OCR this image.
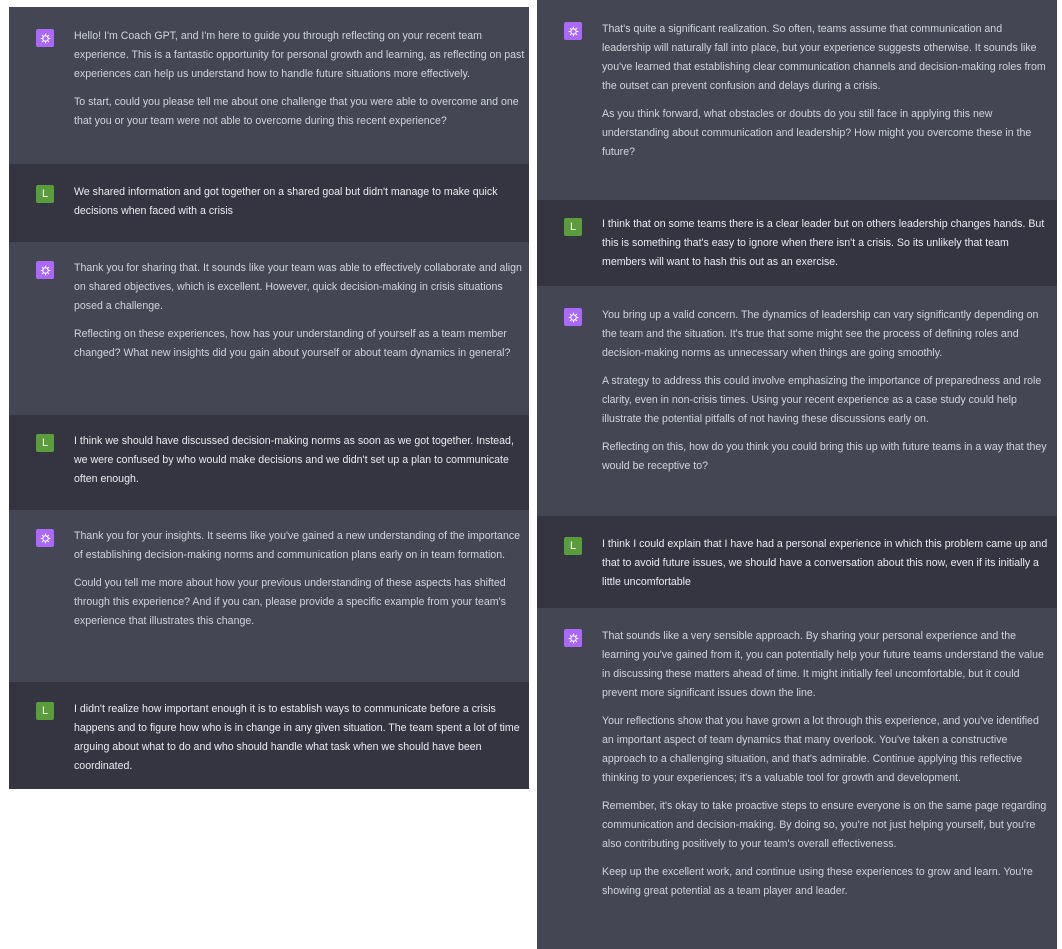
Hello! I'm Coach GPT, and I'm here to guide you through reflecting on your recent team experience. This is a fantastic opportunity for personal growth and learning, as reflecting on past experiences can help us understand how to handle future situations more effectively.

To start, could you please tell me about one challenge that you were able to overcome and one that you or your team were not able to overcome during this recent experience?

L	We shared information and got together on a shared goal but didn't manage to make quick decisions when faced with a crisis

Thank you for sharing that. It sounds like your team was able to effectively collaborate and align on shared objectives, which is excellent. However, quick decision-making in crisis situations posed a challenge.

Reflecting on these experiences, how has your understanding of yourself as a team member changed? What new insights did you gain about yourself or about team dynamics in general?

L	I think we should have discussed decision-making norms as soon as we got together. Instead, we were confused by who would make decisions and we didn't set up a plan to communicate often enough.

Thank you for your insights. It seems like you've gained a new understanding of the importance of establishing decision-making norms and communication plans early on in team formation.

Could you tell me more about how your previous understanding of these aspects has shifted through this experience? And if you can, please provide a specific example from your team's experience that illustrates this change.

L	I didn't realize how important enough it is to establish ways to communicate before a crisis happens and to figure how who is in change in any given situation. The team spent a lot of time arguing about what to do and who should handle what task when we should have been coordinated.

That's quite a significant realization. So often, teams assume that communication and leadership will naturally fall into place, but your experience suggests otherwise. It sounds like you've learned that establishing clear communication channels and decision-making roles from the outset can prevent confusion and delays during a crisis.

As you think forward, what obstacles or doubts do you still face in applying this new understanding about communication and leadership? How might you overcome these in the future?

L	I think that on some teams there is a clear leader but on others leadership changes hands. But this is something that's easy to ignore when there isn't a crisis. So its unlikely that team members will want to hash this out as an exercise.

You bring up a valid concern. The dynamics of leadership can vary significantly depending on the team and the situation. It's true that some might see the process of defining roles and decision-making norms as unnecessary when things are going smoothly.

A strategy to address this could involve emphasizing the importance of preparedness and role clarity, even in non-crisis times. Using your recent experience as a case study could help illustrate the potential pitfalls of not having these discussions early on.

Reflecting on this, how do you think you could bring this up with future teams in a way that they would be receptive to?

L	I think I could explain that I have had a personal experience in which this problem came up and that to avoid future issues, we should have a conversation about this now, even if its initially a little uncomfortable

That sounds like a very sensible approach. By sharing your personal experience and the learning you've gained from it, you can potentially help your future teams understand the value in discussing these matters ahead of time. It might initially feel uncomfortable, but it could prevent more significant issues down the line.

Your reflections show that you have grown a lot through this experience, and you've identified an important aspect of team dynamics that many overlook. You've taken a constructive approach to a challenging situation, and that's admirable. Continue applying this reflective thinking to your experiences; it's a valuable tool for growth and development.

Remember, it's okay to take proactive steps to ensure everyone is on the same page regarding communication and decision-making. By doing so, you're not just helping yourself, but you're also contributing positively to your team's overall effectiveness.

Keep up the excellent work, and continue using these experiences to grow and learn. You're showing great potential as a team player and leader.
